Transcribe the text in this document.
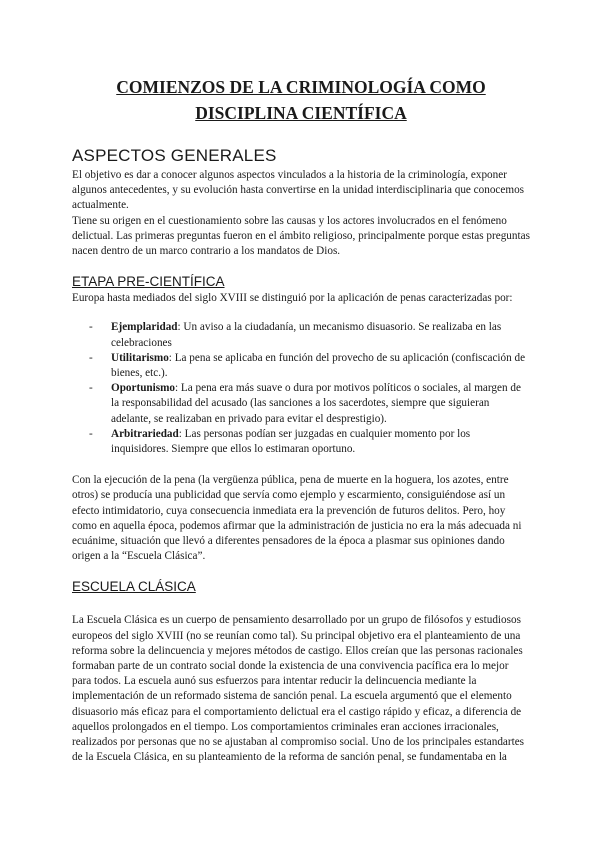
COMIENZOS DE LA CRIMINOLOGÍA COMO
DISCIPLINA CIENTÍFICA
ASPECTOS GENERALES

El objetivo es dar a conocer algunos aspectos vinculados a la historia de la criminología, exponer algunos antecedentes, y su evolución hasta convertirse en la unidad interdisciplinaria que conocemos actualmente.

Tiene su origen en el cuestionamiento sobre las causas y los actores involucrados en el fenómeno delictual. Las primeras preguntas fueron en el ámbito religioso, principalmente porque estas preguntas nacen dentro de un marco contrario a los mandatos de Dios.

ETAPA PRE-CIENTÍFICA

Europa hasta mediados del siglo XVIII se distinguió por la aplicación de penas caracterizadas por:

- Ejemplaridad: Un aviso a la ciudadanía, un mecanismo disuasorio. Se realizaba en las celebraciones
- Utilitarismo: La pena se aplicaba en función del provecho de su aplicación (confiscación de bienes, etc.).
- Oportunismo: La pena era más suave o dura por motivos políticos o sociales, al margen de la responsabilidad del acusado (las sanciones a los sacerdotes, siempre que siguieran adelante, se realizaban en privado para evitar el desprestigio).
- Arbitrariedad: Las personas podían ser juzgadas en cualquier momento por los inquisidores. Siempre que ellos lo estimaran oportuno.

Con la ejecución de la pena (la vergüenza pública, pena de muerte en la hoguera, los azotes, entre otros) se producía una publicidad que servía como ejemplo y escarmiento, consiguiéndose así un efecto intimidatorio, cuya consecuencia inmediata era la prevención de futuros delitos. Pero, hoy como en aquella época, podemos afirmar que la administración de justicia no era la más adecuada ni ecuánime, situación que llevó a diferentes pensadores de la época a plasmar sus opiniones dando origen a la “Escuela Clásica”.

ESCUELA CLÁSICA

La Escuela Clásica es un cuerpo de pensamiento desarrollado por un grupo de filósofos y estudiosos europeos del siglo XVIII (no se reunían como tal). Su principal objetivo era el planteamiento de una reforma sobre la delincuencia y mejores métodos de castigo. Ellos creían que las personas racionales formaban parte de un contrato social donde la existencia de una convivencia pacífica era lo mejor para todos. La escuela aunó sus esfuerzos para intentar reducir la delincuencia mediante la implementación de un reformado sistema de sanción penal. La escuela argumentó que el elemento disuasorio más eficaz para el comportamiento delictual era el castigo rápido y eficaz, a diferencia de aquellos prolongados en el tiempo. Los comportamientos criminales eran acciones irracionales, realizados por personas que no se ajustaban al compromiso social. Uno de los principales estandartes de la Escuela Clásica, en su planteamiento de la reforma de sanción penal, se fundamentaba en la
